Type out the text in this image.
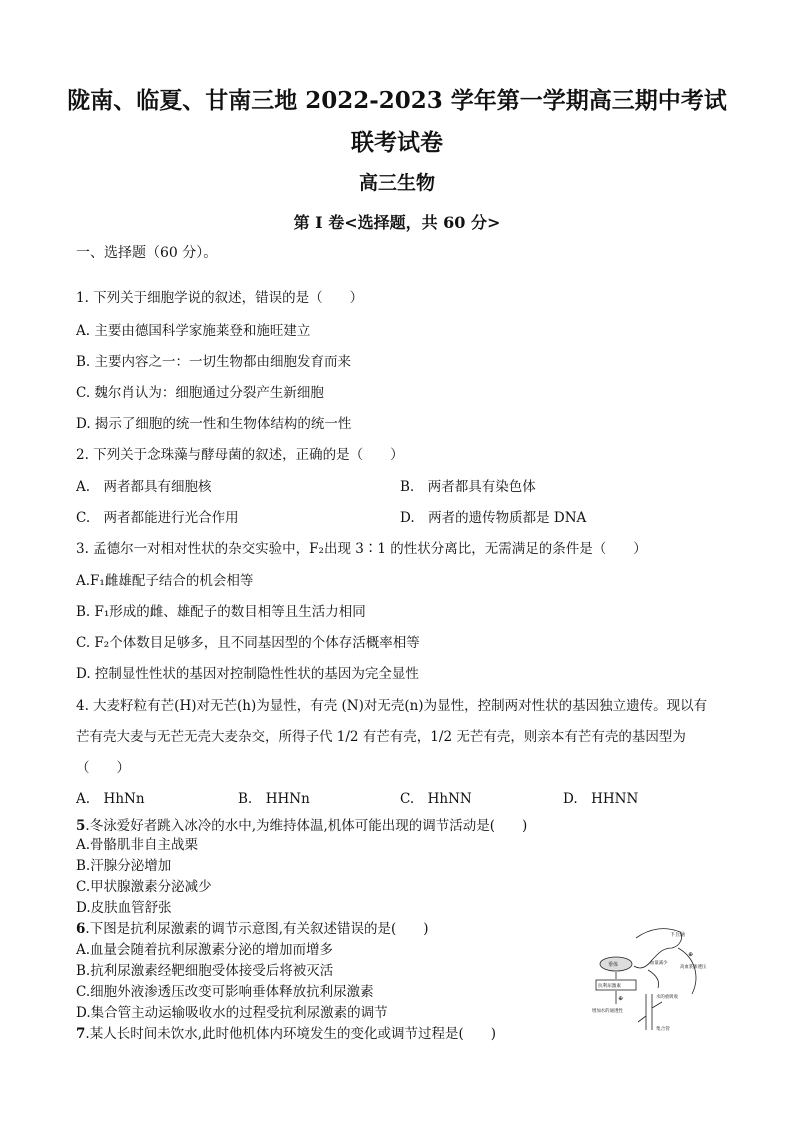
陇南、临夏、甘南三地 2022-2023 学年第一学期高三期中考试
联考试卷
高三生物
第 I 卷<选择题，共 60 分>
一、选择题（60 分）。
1. 下列关于细胞学说的叙述，错误的是（　　）
A. 主要由德国科学家施莱登和施旺建立
B. 主要内容之一：一切生物都由细胞发育而来
C. 魏尔肖认为：细胞通过分裂产生新细胞
D. 揭示了细胞的统一性和生物体结构的统一性
2. 下列关于念珠藻与酵母菌的叙述，正确的是（　　）
A.　两者都具有细胞核	B.　两者都具有染色体
C.　两者都能进行光合作用	D.　两者的遗传物质都是 DNA
3. 孟德尔一对相对性状的杂交实验中，F₂出现 3∶1 的性状分离比，无需满足的条件是（　　）
A.F₁雌雄配子结合的机会相等
B. F₁形成的雌、雄配子的数目相等且生活力相同
C. F₂个体数目足够多，且不同基因型的个体存活概率相等
D. 控制显性性状的基因对控制隐性性状的基因为完全显性
4. 大麦籽粒有芒(H)对无芒(h)为显性，有壳 (N)对无壳(n)为显性，控制两对性状的基因独立遗传。现以有
芒有壳大麦与无芒无壳大麦杂交，所得子代 1/2 有芒有壳，1/2 无芒有壳，则亲本有芒有壳的基因型为
（　　）
A.　HhNn	B.　HHNn	C.　HhNN	D.　HHNN
5.冬泳爱好者跳入冰冷的水中,为维持体温,机体可能出现的调节活动是(　　)
A.骨骼肌非自主战栗
B.汗腺分泌增加
C.甲状腺激素分泌减少
D.皮肤血管舒张
6.下图是抗利尿激素的调节示意图,有关叙述错误的是(　　)
A.血量会随着抗利尿激素分泌的增加而增多
B.抗利尿激素经靶细胞受体接受后将被灭活
C.细胞外液渗透压改变可影响垂体释放抗利尿激素
D.集合管主动运输吸收水的过程受抗利尿激素的调节
7.某人长时间未饮水,此时他机体内环境发生的变化或调节过程是(　　)
下丘脑
垂体
抗利尿激素
血量减少
高血浆渗透压
水的重吸收
增加水的通透性
集合管
⊕
⊕
